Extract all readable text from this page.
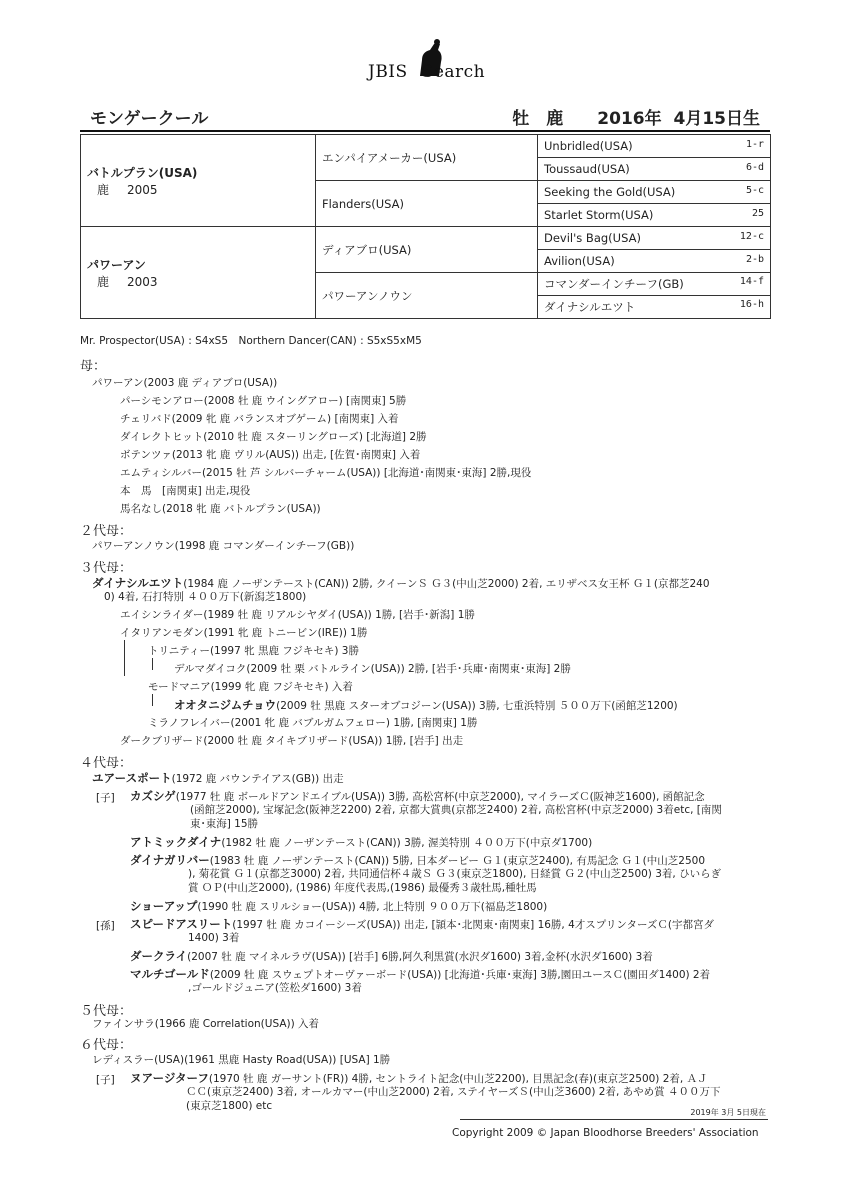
JBIS Search
モンゲークール	牡　鹿　　 2016年 4月15日生
バトルプラン(USA)
鹿 2005	エンパイアメーカー(USA)	Unbridled(USA) 1-r

		Toussaud(USA) 6-d

	Flanders(USA)	Seeking the Gold(USA) 5-c

		Starlet Storm(USA) 25

パワーアン
鹿 2003	ディアブロ(USA)	Devil's Bag(USA) 12-c

		Avilion(USA) 2-b

	パワーアンノウン	コマンダーインチーフ(GB) 14-f

		ダイナシルエツト 16-h
Mr. Prospector(USA) : S4xS5　Northern Dancer(CAN) : S5xS5xM5
母：
パワーアン(2003 鹿 ディアブロ(USA))
パーシモンアロー(2008 牡 鹿 ウイングアロー) [南関東] 5勝
チェリバド(2009 牝 鹿 バランスオブゲーム) [南関東] 入着
ダイレクトヒット(2010 牡 鹿 スターリングローズ) [北海道] 2勝
ボテンツァ(2013 牝 鹿 ヴリル(AUS)) 出走, [佐賀･南関東] 入着
エムティシルバー(2015 牡 芦 シルバーチャーム(USA)) [北海道･南関東･東海] 2勝,現役
本　馬　[南関東] 出走,現役
馬名なし(2018 牝 鹿 バトルプラン(USA))
２代母：
パワーアンノウン(1998 鹿 コマンダーインチーフ(GB))
３代母：
ダイナシルエツト(1984 鹿 ノーザンテースト(CAN)) 2勝, クイーンＳ Ｇ３(中山芝2000) 2着, エリザベス女王杯 Ｇ１(京都芝240
0) 4着, 石打特別 ４００万下(新潟芝1800)
エイシンライダー(1989 牡 鹿 リアルシヤダイ(USA)) 1勝, [岩手･新潟] 1勝
イタリアンモダン(1991 牝 鹿 トニービン(IRE)) 1勝
トリニティー(1997 牝 黒鹿 フジキセキ) 3勝
デルマダイコク(2009 牡 栗 バトルライン(USA)) 2勝, [岩手･兵庫･南関東･東海] 2勝
モードマニア(1999 牝 鹿 フジキセキ) 入着
オオタニジムチョウ(2009 牡 黒鹿 スターオブコジーン(USA)) 3勝, 七重浜特別 ５００万下(函館芝1200)
ミラノフレイバー(2001 牝 鹿 バブルガムフェロー) 1勝, [南関東] 1勝
ダークブリザード(2000 牡 鹿 タイキブリザード(USA)) 1勝, [岩手] 出走
４代母：
ユアースポート(1972 鹿 バウンテイアス(GB)) 出走
[子] カズシゲ(1977 牡 鹿 ボールドアンドエイブル(USA)) 3勝, 高松宮杯(中京芝2000), マイラーズＣ(阪神芝1600), 函館記念
(函館芝2000), 宝塚記念(阪神芝2200) 2着, 京都大賞典(京都芝2400) 2着, 高松宮杯(中京芝2000) 3着etc, [南関
東･東海] 15勝
アトミックダイナ(1982 牡 鹿 ノーザンテースト(CAN)) 3勝, 渥美特別 ４００万下(中京ダ1700)
ダイナガリバー(1983 牡 鹿 ノーザンテースト(CAN)) 5勝, 日本ダービー Ｇ１(東京芝2400), 有馬記念 Ｇ１(中山芝2500
), 菊花賞 Ｇ１(京都芝3000) 2着, 共同通信杯４歳Ｓ Ｇ３(東京芝1800), 日経賞 Ｇ２(中山芝2500) 3着, ひいらぎ
賞 ＯＰ(中山芝2000), (1986) 年度代表馬,(1986) 最優秀３歳牡馬,種牡馬
ショーアップ(1990 牡 鹿 スリルショー(USA)) 4勝, 北上特別 ９００万下(福島芝1800)
[孫] スピードアスリート(1997 牡 鹿 カコイーシーズ(USA)) 出走, [頴本･北関東･南関東] 16勝, 4才スプリンターズＣ(宇都宮ダ
1400) 3着
ダークライ(2007 牡 鹿 マイネルラヴ(USA)) [岩手] 6勝,阿久利黒賞(水沢ダ1600) 3着,金杯(水沢ダ1600) 3着
マルチゴールド(2009 牡 鹿 スウェプトオーヴァーボード(USA)) [北海道･兵庫･東海] 3勝,園田ユースＣ(園田ダ1400) 2着
,ゴールドジュニア(笠松ダ1600) 3着
５代母：
ファインサラ(1966 鹿 Correlation(USA)) 入着
６代母：
レディスラー(USA)(1961 黒鹿 Hasty Road(USA)) [USA] 1勝
[子] ヌアージターフ(1970 牡 鹿 ガーサント(FR)) 4勝, セントライト記念(中山芝2200), 目黒記念(春)(東京芝2500) 2着, ＡＪ
ＣＣ(東京芝2400) 3着, オールカマー(中山芝2000) 2着, ステイヤーズＳ(中山芝3600) 2着, あやめ賞 ４００万下
(東京芝1800) etc
2019年 3月 5日現在
Copyright 2009 © Japan Bloodhorse Breeders' Association
